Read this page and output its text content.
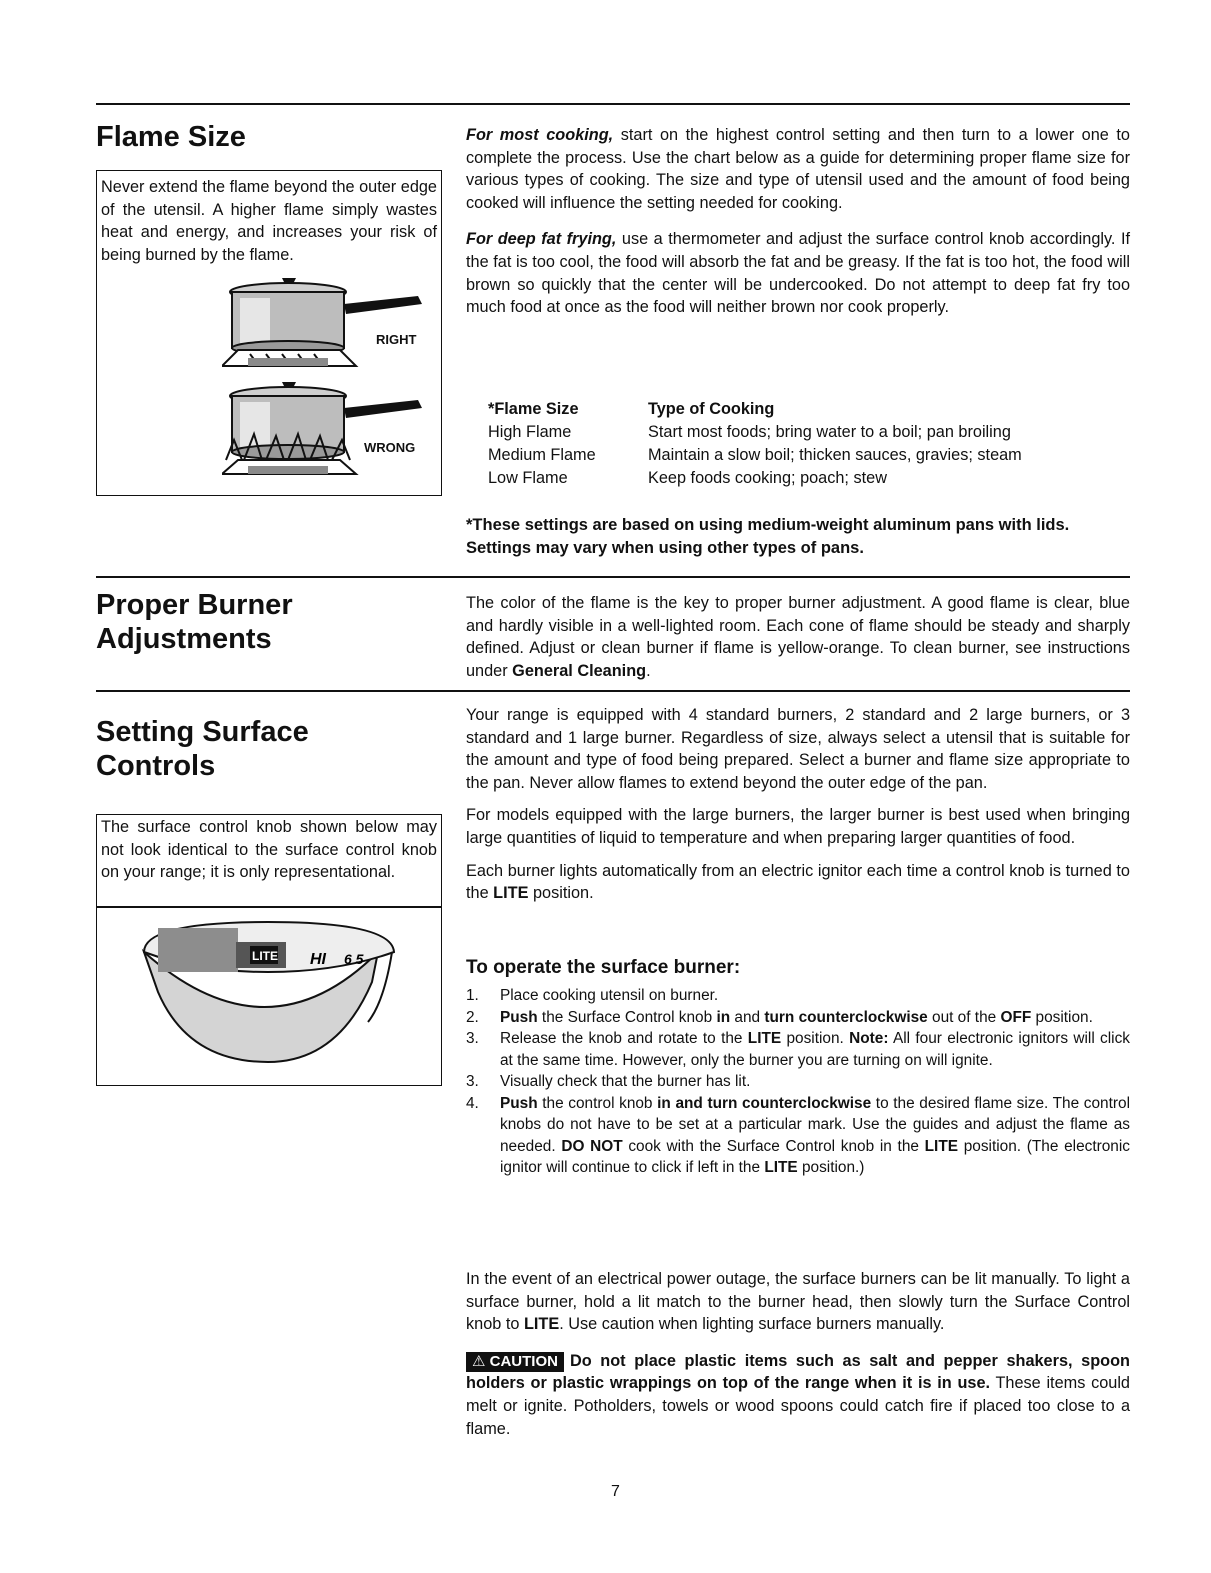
Flame Size
Never extend the flame beyond the outer edge of the utensil. A higher flame simply wastes heat and energy, and increases your risk of being burned by the flame.
RIGHT
WRONG

For most cooking, start on the highest control setting and then turn to a lower one to complete the process. Use the chart below as a guide for determining proper flame size for various types of cooking. The size and type of utensil used and the amount of food being cooked will influence the setting needed for cooking.

For deep fat frying, use a thermometer and adjust the surface control knob accordingly. If the fat is too cool, the food will absorb the fat and be greasy. If the fat is too hot, the food will brown so quickly that the center will be undercooked. Do not attempt to deep fat fry too much food at once as the food will neither brown nor cook properly.

*Flame Size	Type of Cooking
High Flame	Start most foods; bring water to a boil; pan broiling
Medium Flame	Maintain a slow boil; thicken sauces, gravies; steam
Low Flame	Keep foods cooking; poach; stew
*These settings are based on using medium-weight aluminum pans with lids. Settings may vary when using other types of pans.
Proper Burner
Adjustments

The color of the flame is the key to proper burner adjustment. A good flame is clear, blue and hardly visible in a well-lighted room. Each cone of flame should be steady and sharply defined. Adjust or clean burner if flame is yellow-orange. To clean burner, see instructions under General Cleaning.

Setting Surface
Controls
The surface control knob shown below may not look identical to the surface control knob on your range; it is only representational.
LITE HI 6 5

Your range is equipped with 4 standard burners, 2 standard and 2 large burners, or 3 standard and 1 large burner. Regardless of size, always select a utensil that is suitable for the amount and type of food being prepared. Select a burner and flame size appropriate to the pan. Never allow flames to extend beyond the outer edge of the pan.

For models equipped with the large burners, the larger burner is best used when bringing large quantities of liquid to temperature and when preparing larger quantities of food.

Each burner lights automatically from an electric ignitor each time a control knob is turned to the LITE position.

To operate the surface burner:
1.	Place cooking utensil on burner.
2.	Push the Surface Control knob in and turn counterclockwise out of the OFF position.
3.	Release the knob and rotate to the LITE position. Note: All four electronic ignitors will click at the same time. However, only the burner you are turning on will ignite.
3.	Visually check that the burner has lit.
4.	Push the control knob in and turn counterclockwise to the desired flame size. The control knobs do not have to be set at a particular mark. Use the guides and adjust the flame as needed. DO NOT cook with the Surface Control knob in the LITE position. (The electronic ignitor will continue to click if left in the LITE position.)

In the event of an electrical power outage, the surface burners can be lit manually. To light a surface burner, hold a lit match to the burner head, then slowly turn the Surface Control knob to LITE. Use caution when lighting surface burners manually.

⚠ CAUTION Do not place plastic items such as salt and pepper shakers, spoon holders or plastic wrappings on top of the range when it is in use. These items could melt or ignite. Potholders, towels or wood spoons could catch fire if placed too close to a flame.

7
